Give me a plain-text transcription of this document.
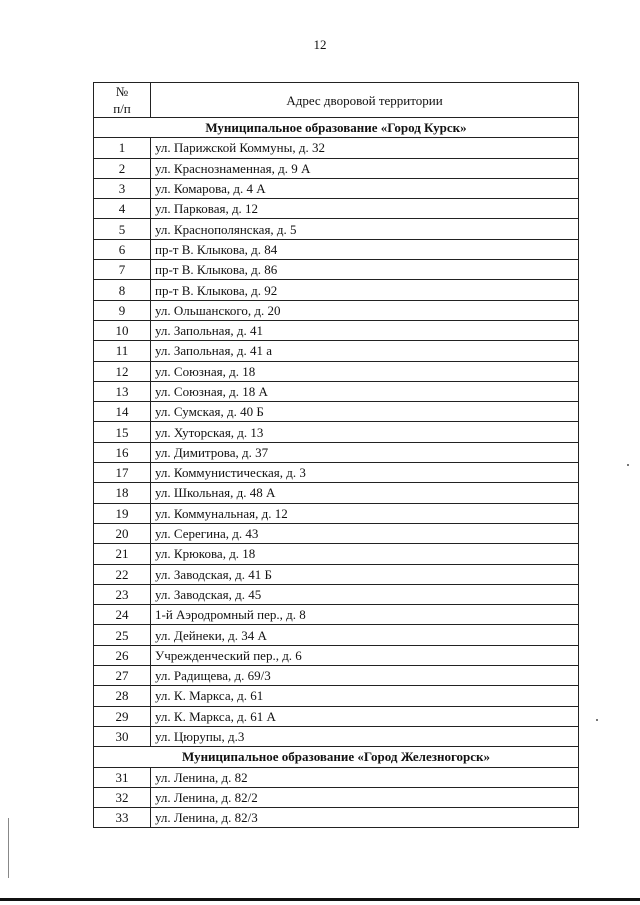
12
№
п/п	Адрес дворовой территории
Муниципальное образование «Город Курск»	
1	ул. Парижской Коммуны, д. 32
2	ул. Краснознаменная, д. 9 А
3	ул. Комарова, д. 4 А
4	ул. Парковая, д. 12
5	ул. Краснополянская, д. 5
6	пр-т В. Клыкова, д. 84
7	пр-т В. Клыкова, д. 86
8	пр-т В. Клыкова, д. 92
9	ул. Ольшанского, д. 20
10	ул. Запольная, д. 41
11	ул. Запольная, д. 41 а
12	ул. Союзная, д. 18
13	ул. Союзная, д. 18 А
14	ул. Сумская, д. 40 Б
15	ул. Хуторская, д. 13
16	ул. Димитрова, д. 37
17	ул. Коммунистическая, д. 3
18	ул. Школьная, д. 48 А
19	ул. Коммунальная, д. 12
20	ул. Серегина, д. 43
21	ул. Крюкова, д. 18
22	ул. Заводская, д. 41 Б
23	ул. Заводская, д. 45
24	1-й Аэродромный пер., д. 8
25	ул. Дейнеки, д. 34 А
26	Учрежденческий пер., д. 6
27	ул. Радищева, д. 69/3
28	ул. К. Маркса, д. 61
29	ул. К. Маркса, д. 61 А
30	ул. Цюрупы, д.3
Муниципальное образование «Город Железногорск»	
31	ул. Ленина, д. 82
32	ул. Ленина, д. 82/2
33	ул. Ленина, д. 82/3
